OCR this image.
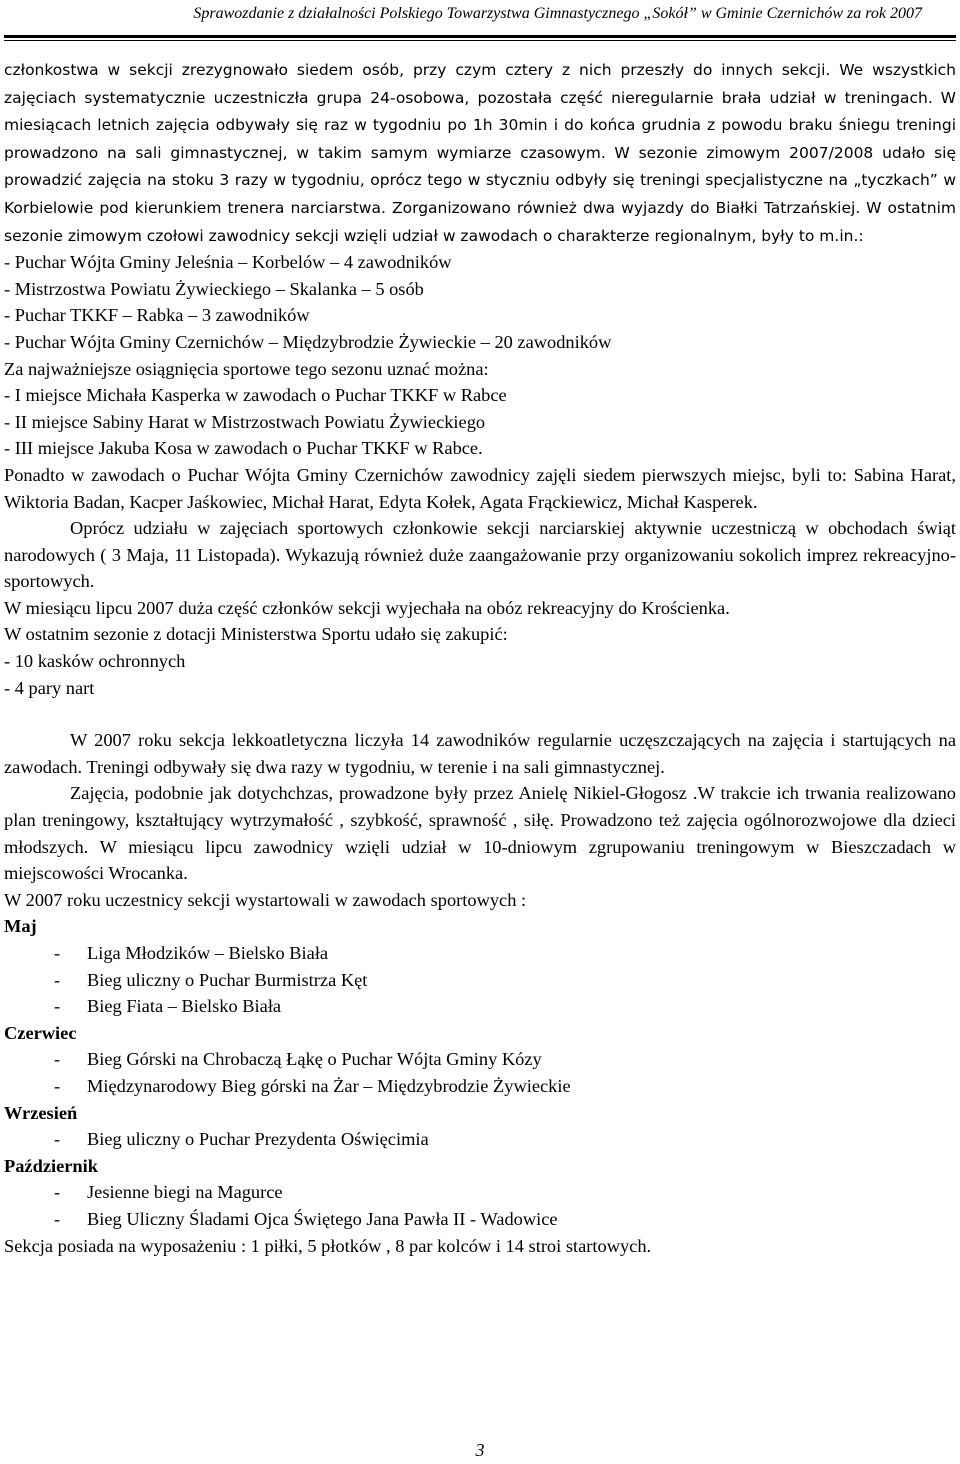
Sprawozdanie z działalności Polskiego Towarzystwa Gimnastycznego „Sokół” w Gminie Czernichów za rok 2007

członkostwa w sekcji zrezygnowało siedem osób, przy czym cztery z nich przeszły do innych sekcji. We wszystkich zajęciach systematycznie uczestniczła grupa 24-osobowa, pozostała część nieregularnie brała udział w treningach. W miesiącach letnich zajęcia odbywały się raz w tygodniu po 1h 30min i do końca grudnia z powodu braku śniegu treningi prowadzono na sali gimnastycznej, w takim samym wymiarze czasowym. W sezonie zimowym 2007/2008 udało się prowadzić zajęcia na stoku 3 razy w tygodniu, oprócz tego w styczniu odbyły się treningi specjalistyczne na „tyczkach” w Korbielowie pod kierunkiem trenera narciarstwa. Zorganizowano również dwa wyjazdy do Białki Tatrzańskiej. W ostatnim sezonie zimowym czołowi zawodnicy sekcji wzięli udział w zawodach o charakterze regionalnym, były to m.in.:

- Puchar Wójta Gminy Jeleśnia – Korbelów – 4 zawodników

- Mistrzostwa Powiatu Żywieckiego – Skalanka – 5 osób

- Puchar TKKF – Rabka – 3 zawodników

- Puchar Wójta Gminy Czernichów – Międzybrodzie Żywieckie – 20 zawodników

Za najważniejsze osiągnięcia sportowe tego sezonu uznać można:

- I miejsce Michała Kasperka w zawodach o Puchar TKKF w Rabce

- II miejsce Sabiny Harat w Mistrzostwach Powiatu Żywieckiego

- III miejsce Jakuba Kosa w zawodach o Puchar TKKF w Rabce.

Ponadto w zawodach o Puchar Wójta Gminy Czernichów zawodnicy zajęli siedem pierwszych miejsc, byli to: Sabina Harat, Wiktoria Badan, Kacper Jaśkowiec, Michał Harat, Edyta Kołek, Agata Frąckiewicz, Michał Kasperek.

Oprócz udziału w zajęciach sportowych członkowie sekcji narciarskiej aktywnie uczestniczą w obchodach świąt narodowych ( 3 Maja, 11 Listopada). Wykazują również duże zaangażowanie przy organizowaniu sokolich imprez rekreacyjno-sportowych.

W miesiącu lipcu 2007 duża część członków sekcji wyjechała na obóz rekreacyjny do Krościenka.

W ostatnim sezonie z dotacji Ministerstwa Sportu udało się zakupić:

- 10 kasków ochronnych

- 4 pary nart

W 2007 roku sekcja lekkoatletyczna liczyła 14 zawodników regularnie uczęszczających na zajęcia i startujących na zawodach. Treningi odbywały się dwa razy w tygodniu, w terenie i na sali gimnastycznej.

Zajęcia, podobnie jak dotychchzas, prowadzone były przez Anielę Nikiel-Głogosz .W trakcie ich trwania realizowano plan treningowy, kształtujący wytrzymałość , szybkość, sprawność , siłę. Prowadzono też zajęcia ogólnorozwojowe dla dzieci młodszych. W miesiącu lipcu zawodnicy wzięli udział w 10-dniowym zgrupowaniu treningowym w Bieszczadach w miejscowości Wrocanka.

W 2007 roku uczestnicy sekcji wystartowali w zawodach sportowych :

Maj

- Liga Młodzików – Bielsko Biała

- Bieg uliczny o Puchar Burmistrza Kęt

- Bieg Fiata – Bielsko Biała

Czerwiec

- Bieg Górski na Chrobaczą Łąkę o Puchar Wójta Gminy Kózy

- Międzynarodowy Bieg górski na Żar – Międzybrodzie Żywieckie

Wrzesień

- Bieg uliczny o Puchar Prezydenta Oświęcimia

Październik

- Jesienne biegi na Magurce

- Bieg Uliczny Śladami Ojca Świętego Jana Pawła II - Wadowice

Sekcja posiada na wyposażeniu : 1 piłki, 5 płotków , 8 par kolców i 14 stroi startowych.

3
